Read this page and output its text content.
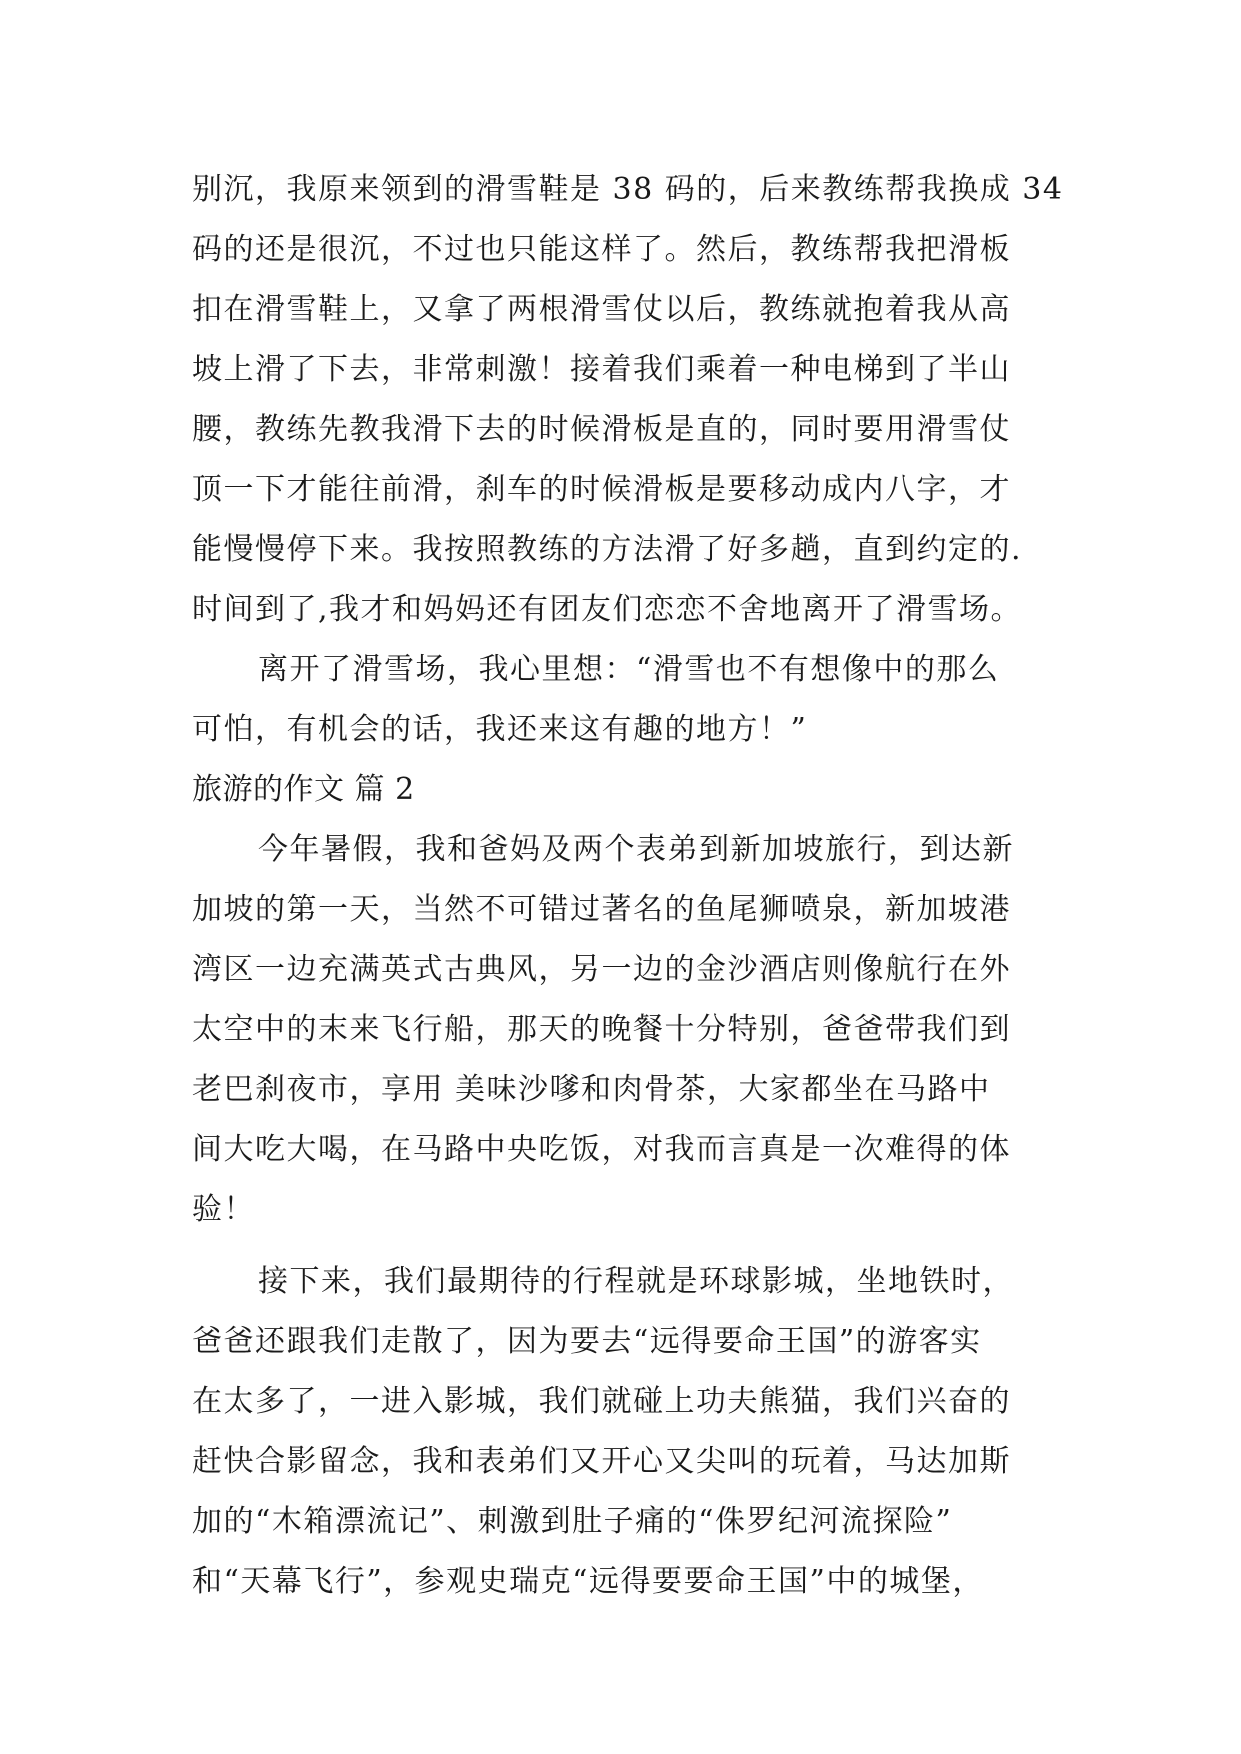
别沉，我原来领到的滑雪鞋是 38 码的，后来教练帮我换成 34
码的还是很沉，不过也只能这样了。然后，教练帮我把滑板
扣在滑雪鞋上，又拿了两根滑雪仗以后，教练就抱着我从高
坡上滑了下去，非常刺激！接着我们乘着一种电梯到了半山
腰，教练先教我滑下去的时候滑板是直的，同时要用滑雪仗
顶一下才能往前滑，刹车的时候滑板是要移动成内八字，才
能慢慢停下来。我按照教练的方法滑了好多趟，直到约定的.
时间到了,我才和妈妈还有团友们恋恋不舍地离开了滑雪场。
离开了滑雪场，我心里想：“滑雪也不有想像中的那么
可怕，有机会的话，我还来这有趣的地方！”
旅游的作文 篇 2
今年暑假，我和爸妈及两个表弟到新加坡旅行，到达新
加坡的第一天，当然不可错过著名的鱼尾狮喷泉，新加坡港
湾区一边充满英式古典风，另一边的金沙酒店则像航行在外
太空中的末来飞行船，那天的晚餐十分特别，爸爸带我们到
老巴刹夜市，享用 美味沙嗲和肉骨茶，大家都坐在马路中
间大吃大喝，在马路中央吃饭，对我而言真是一次难得的体
验！
接下来，我们最期待的行程就是环球影城，坐地铁时，
爸爸还跟我们走散了，因为要去“远得要命王国”的游客实
在太多了，一进入影城，我们就碰上功夫熊猫，我们兴奋的
赶快合影留念，我和表弟们又开心又尖叫的玩着，马达加斯
加的“木箱漂流记”、刺激到肚子痛的“侏罗纪河流探险”
和“天幕飞行”，参观史瑞克“远得要要命王国”中的城堡，
